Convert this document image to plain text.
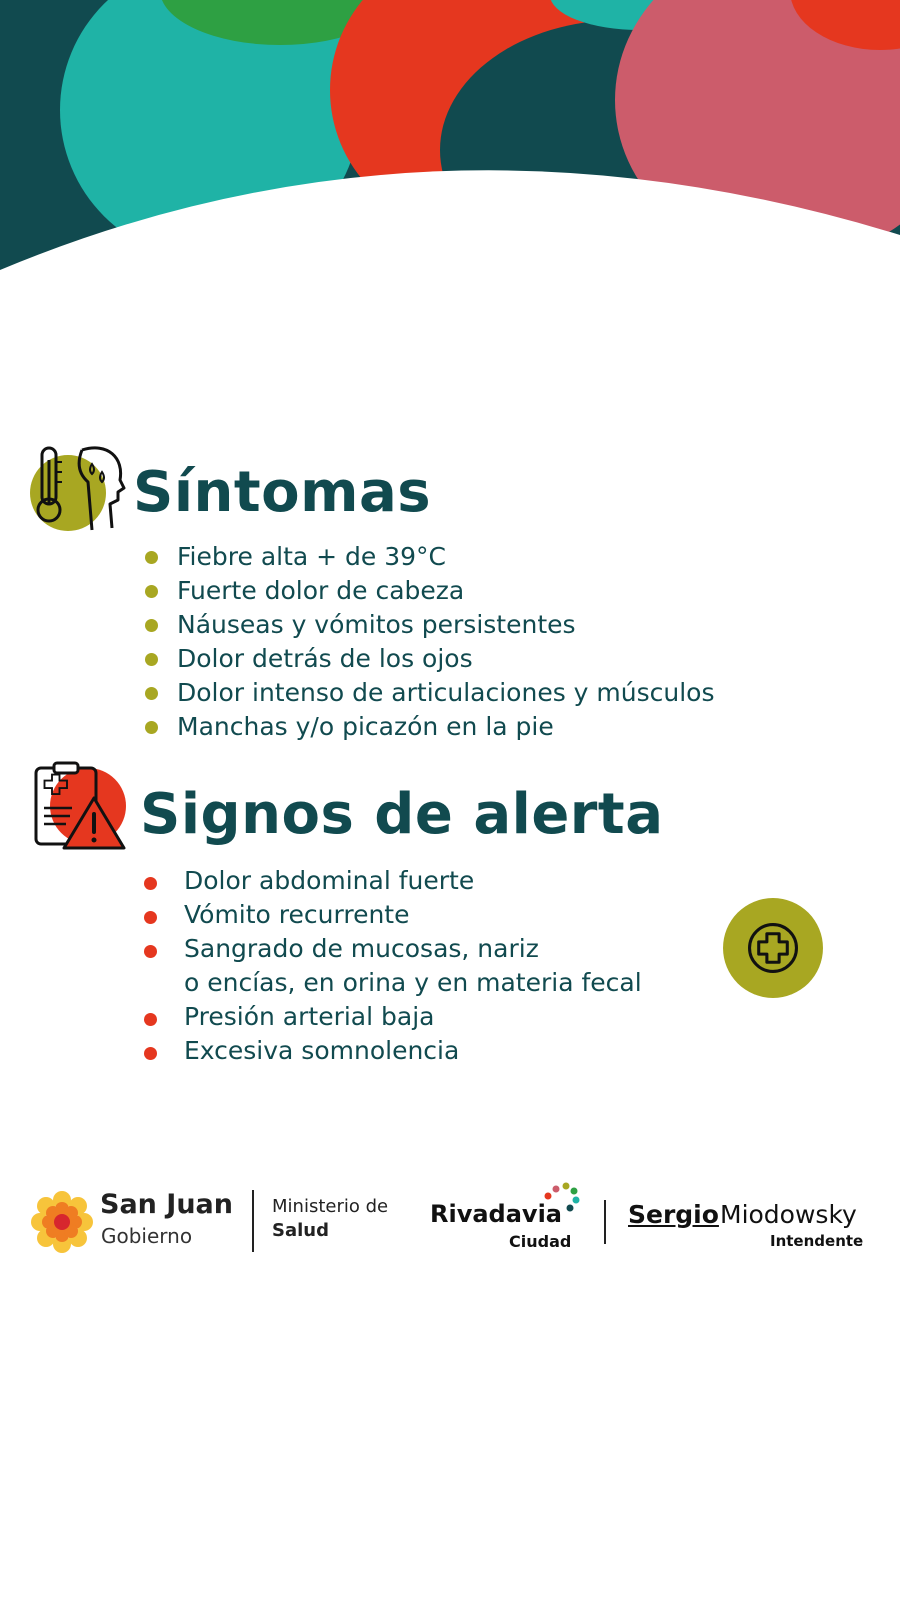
Síntomas
Fiebre alta + de 39°C
Fuerte dolor de cabeza
Náuseas y vómitos persistentes
Dolor detrás de los ojos
Dolor intenso de articulaciones y músculos
Manchas y/o picazón en la pie
Signos de alerta
Dolor abdominal fuerte
Vómito recurrente
Sangrado de mucosas, nariz
o encías, en orina y en materia fecal
Presión arterial baja
Excesiva somnolencia
San Juan
Gobierno
Ministerio de
Salud
Rivadavia
Ciudad
Sergio Miodowsky
Intendente
